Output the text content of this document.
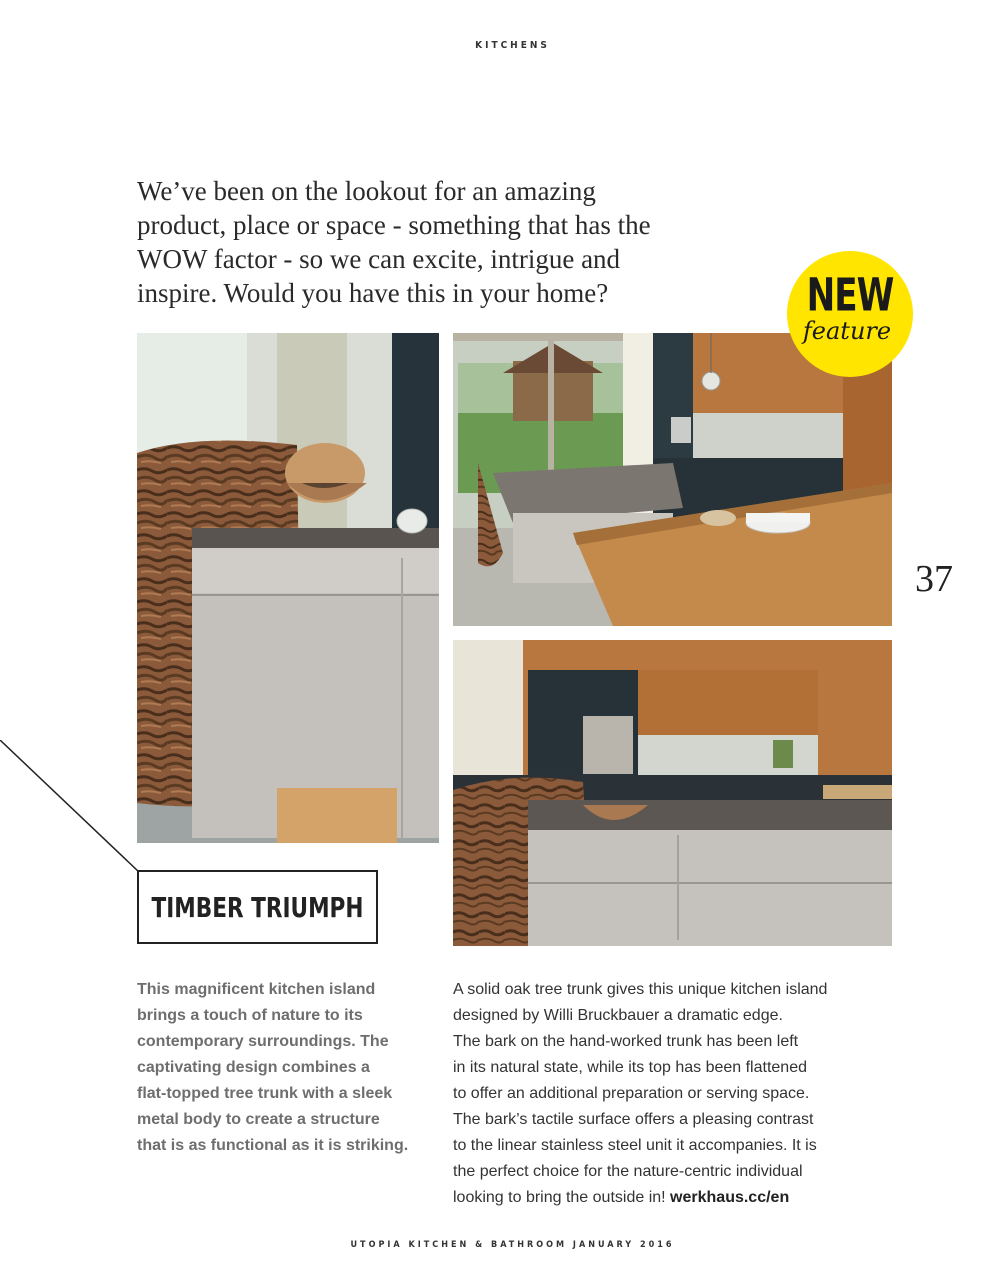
KITCHENS
We’ve been on the lookout for an amazing
product, place or space - something that has the
WOW factor - so we can excite, intrigue and
inspire. Would you have this in your home?	NEW
feature
37
TIMBER TRIUMPH
This magnificent kitchen island
brings a touch of nature to its
contemporary surroundings. The
captivating design combines a
flat-topped tree trunk with a sleek
metal body to create a structure
that is as functional as it is striking.
A solid oak tree trunk gives this unique kitchen island
designed by Willi Bruckbauer a dramatic edge.
The bark on the hand-worked trunk has been left
in its natural state, while its top has been flattened
to offer an additional preparation or serving space.
The bark’s tactile surface offers a pleasing contrast
to the linear stainless steel unit it accompanies. It is
the perfect choice for the nature-centric individual
looking to bring the outside in! werkhaus.cc/en
UTOPIA KITCHEN & BATHROOM JANUARY 2016
